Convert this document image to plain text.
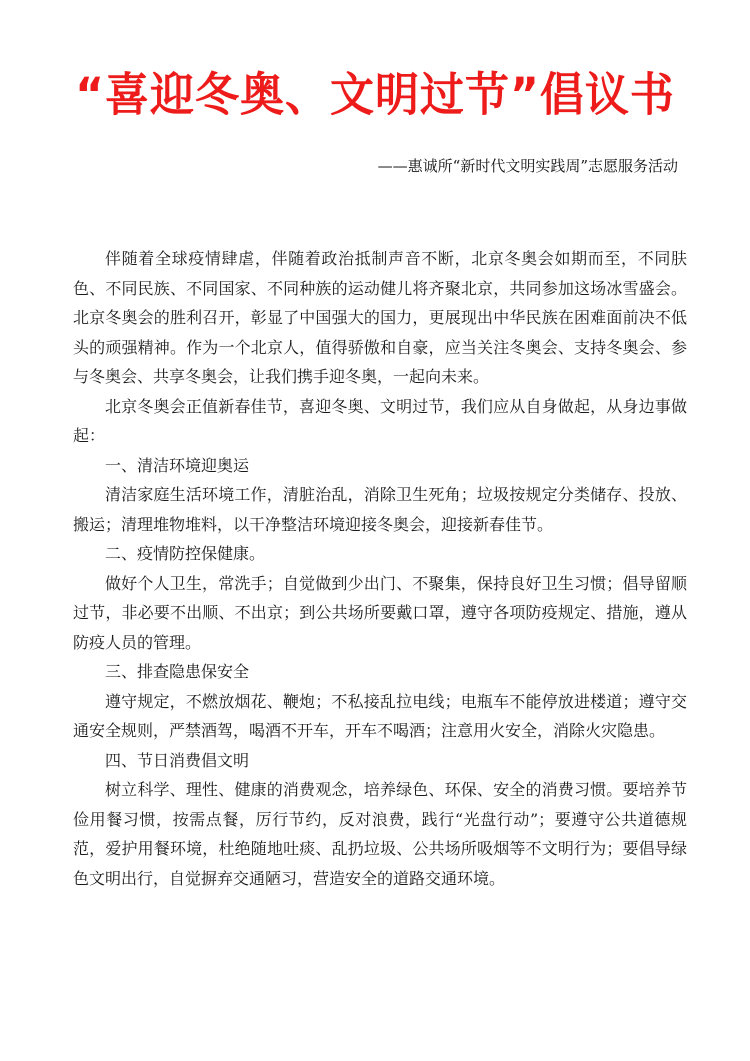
“喜迎冬奥、文明过节”倡议书
——惠诚所“新时代文明实践周”志愿服务活动

伴随着全球疫情肆虐，伴随着政治抵制声音不断，北京冬奥会如期而至，不同肤色、不同民族、不同国家、不同种族的运动健儿将齐聚北京，共同参加这场冰雪盛会。北京冬奥会的胜利召开，彰显了中国强大的国力，更展现出中华民族在困难面前决不低头的顽强精神。作为一个北京人，值得骄傲和自豪，应当关注冬奥会、支持冬奥会、参与冬奥会、共享冬奥会，让我们携手迎冬奥，一起向未来。

北京冬奥会正值新春佳节，喜迎冬奥、文明过节，我们应从自身做起，从身边事做起：

一、清洁环境迎奥运

清洁家庭生活环境工作，清脏治乱，消除卫生死角；垃圾按规定分类储存、投放、搬运；清理堆物堆料，以干净整洁环境迎接冬奥会，迎接新春佳节。

二、疫情防控保健康。

做好个人卫生，常洗手；自觉做到少出门、不聚集，保持良好卫生习惯；倡导留顺过节，非必要不出顺、不出京；到公共场所要戴口罩，遵守各项防疫规定、措施，遵从防疫人员的管理。

三、排查隐患保安全

遵守规定，不燃放烟花、鞭炮；不私接乱拉电线；电瓶车不能停放进楼道；遵守交通安全规则，严禁酒驾，喝酒不开车，开车不喝酒；注意用火安全，消除火灾隐患。

四、节日消费倡文明

树立科学、理性、健康的消费观念，培养绿色、环保、安全的消费习惯。要培养节俭用餐习惯，按需点餐，厉行节约，反对浪费，践行“光盘行动”；要遵守公共道德规范，爱护用餐环境，杜绝随地吐痰、乱扔垃圾、公共场所吸烟等不文明行为；要倡导绿色文明出行，自觉摒弃交通陋习，营造安全的道路交通环境。
